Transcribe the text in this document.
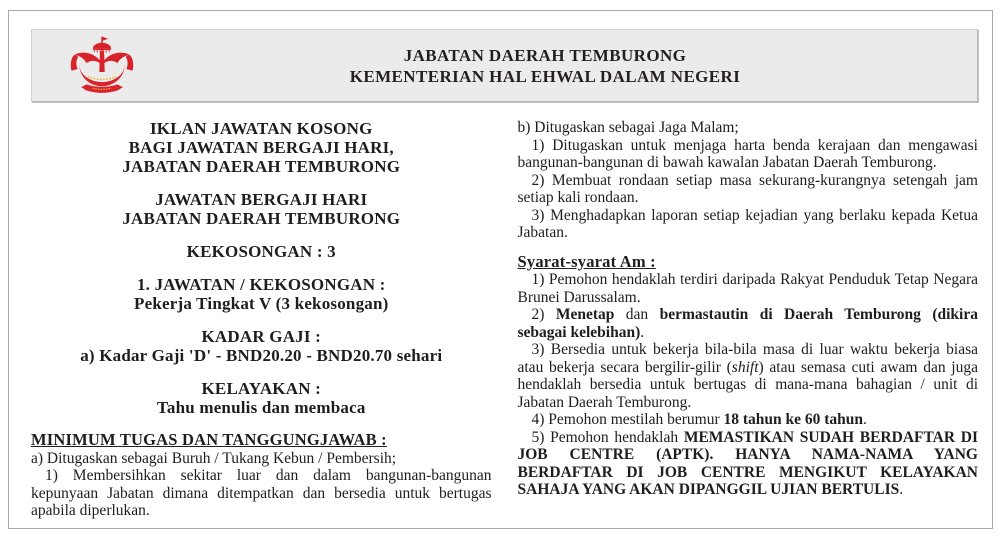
JABATAN DAERAH TEMBURONG
KEMENTERIAN HAL EHWAL DALAM NEGERI
IKLAN JAWATAN KOSONG
BAGI JAWATAN BERGAJI HARI,
JABATAN DAERAH TEMBURONG
JAWATAN BERGAJI HARI
JABATAN DAERAH TEMBURONG
KEKOSONGAN : 3
1. JAWATAN / KEKOSONGAN :
Pekerja Tingkat V (3 kekosongan)
KADAR GAJI :
a) Kadar Gaji 'D' - BND20.20 - BND20.70 sehari
KELAYAKAN :
Tahu menulis dan membaca
MINIMUM TUGAS DAN TANGGUNGJAWAB :
a) Ditugaskan sebagai Buruh / Tukang Kebun / Pembersih;
1) Membersihkan sekitar luar dan dalam bangunan-bangunan kepunyaan Jabatan dimana ditempatkan dan bersedia untuk bertugas apabila diperlukan.
b) Ditugaskan sebagai Jaga Malam;
1) Ditugaskan untuk menjaga harta benda kerajaan dan mengawasi bangunan-bangunan di bawah kawalan Jabatan Daerah Temburong.
2) Membuat rondaan setiap masa sekurang-kurangnya setengah jam setiap kali rondaan.
3) Menghadapkan laporan setiap kejadian yang berlaku kepada Ketua Jabatan.
Syarat-syarat Am :
1) Pemohon hendaklah terdiri daripada Rakyat Penduduk Tetap Negara Brunei Darussalam.
2) Menetap dan bermastautin di Daerah Temburong (dikira sebagai kelebihan).
3) Bersedia untuk bekerja bila-bila masa di luar waktu bekerja biasa atau bekerja secara bergilir-gilir (shift) atau semasa cuti awam dan juga hendaklah bersedia untuk bertugas di mana-mana bahagian / unit di Jabatan Daerah Temburong.
4) Pemohon mestilah berumur 18 tahun ke 60 tahun.
5) Pemohon hendaklah MEMASTIKAN SUDAH BERDAFTAR DI JOB CENTRE (APTK). HANYA NAMA-NAMA YANG BERDAFTAR DI JOB CENTRE MENGIKUT KELAYAKAN SAHAJA YANG AKAN DIPANGGIL UJIAN BERTULIS.
